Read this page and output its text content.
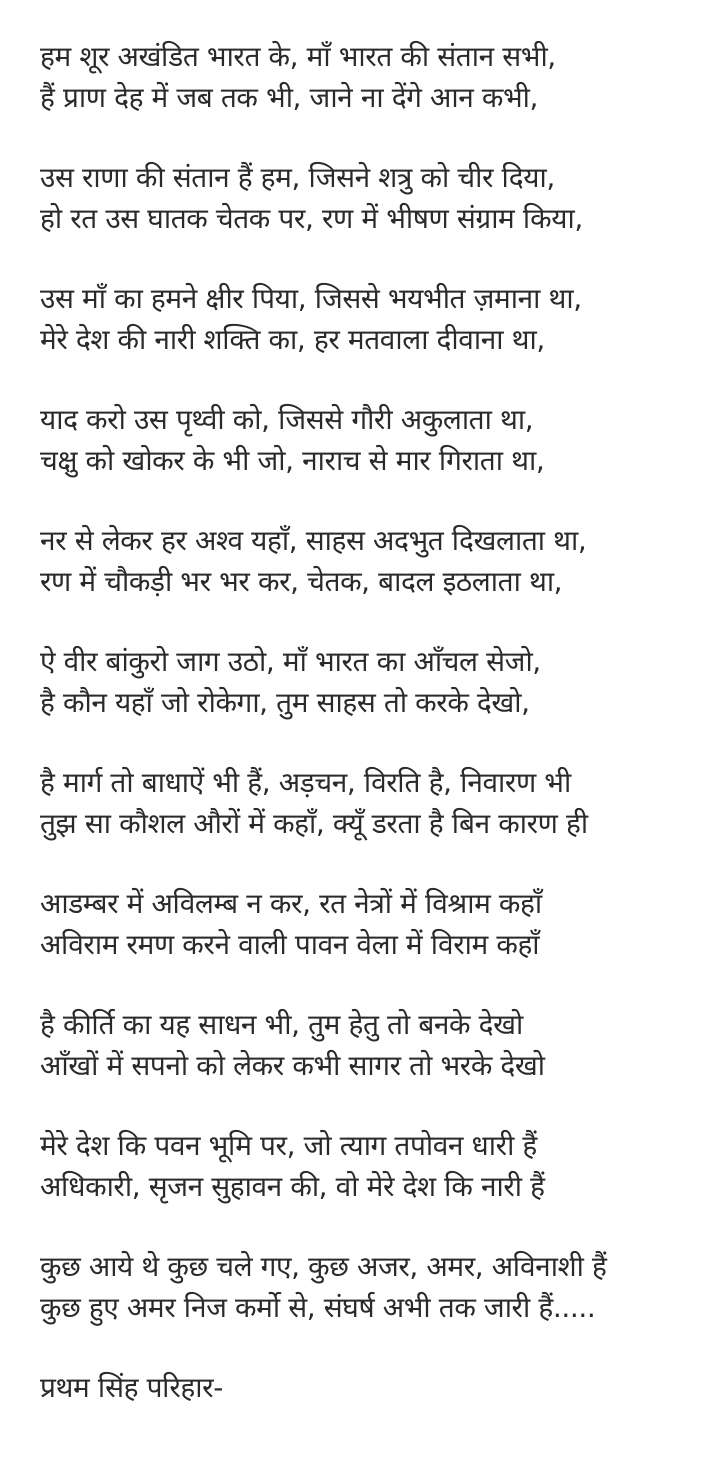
हम शूर अखंडित भारत के, माँ भारत की संतान सभी,
हैं प्राण देह में जब तक भी, जाने ना देंगे आन कभी,
उस राणा की संतान हैं हम, जिसने शत्रु को चीर दिया,
हो रत उस घातक चेतक पर, रण में भीषण संग्राम किया,
उस माँ का हमने क्षीर पिया, जिससे भयभीत ज़माना था,
मेरे देश की नारी शक्ति का, हर मतवाला दीवाना था,
याद करो उस पृथ्वी को, जिससे गौरी अकुलाता था,
चक्षु को खोकर के भी जो, नाराच से मार गिराता था,
नर से लेकर हर अश्व यहाँ, साहस अदभुत दिखलाता था,
रण में चौकड़ी भर भर कर, चेतक, बादल इठलाता था,
ऐ वीर बांकुरो जाग उठो, माँ भारत का आँचल सेजो,
है कौन यहाँ जो रोकेगा, तुम साहस तो करके देखो,
है मार्ग तो बाधाऐं भी हैं, अड़चन, विरति है, निवारण भी
तुझ सा कौशल औरों में कहाँ, क्यूँ डरता है बिन कारण ही
आडम्बर में अविलम्ब न कर, रत नेत्रों में विश्राम कहाँ
अविराम रमण करने वाली पावन वेला में विराम कहाँ
है कीर्ति का यह साधन भी, तुम हेतु तो बनके देखो
आँखों में सपनो को लेकर कभी सागर तो भरके देखो
मेरे देश कि पवन भूमि पर, जो त्याग तपोवन धारी हैं
अधिकारी, सृजन सुहावन की, वो मेरे देश कि नारी हैं
कुछ आये थे कुछ चले गए, कुछ अजर, अमर, अविनाशी हैं
कुछ हुए अमर निज कर्मो से, संघर्ष अभी तक जारी हैं.....
प्रथम सिंह परिहार-
